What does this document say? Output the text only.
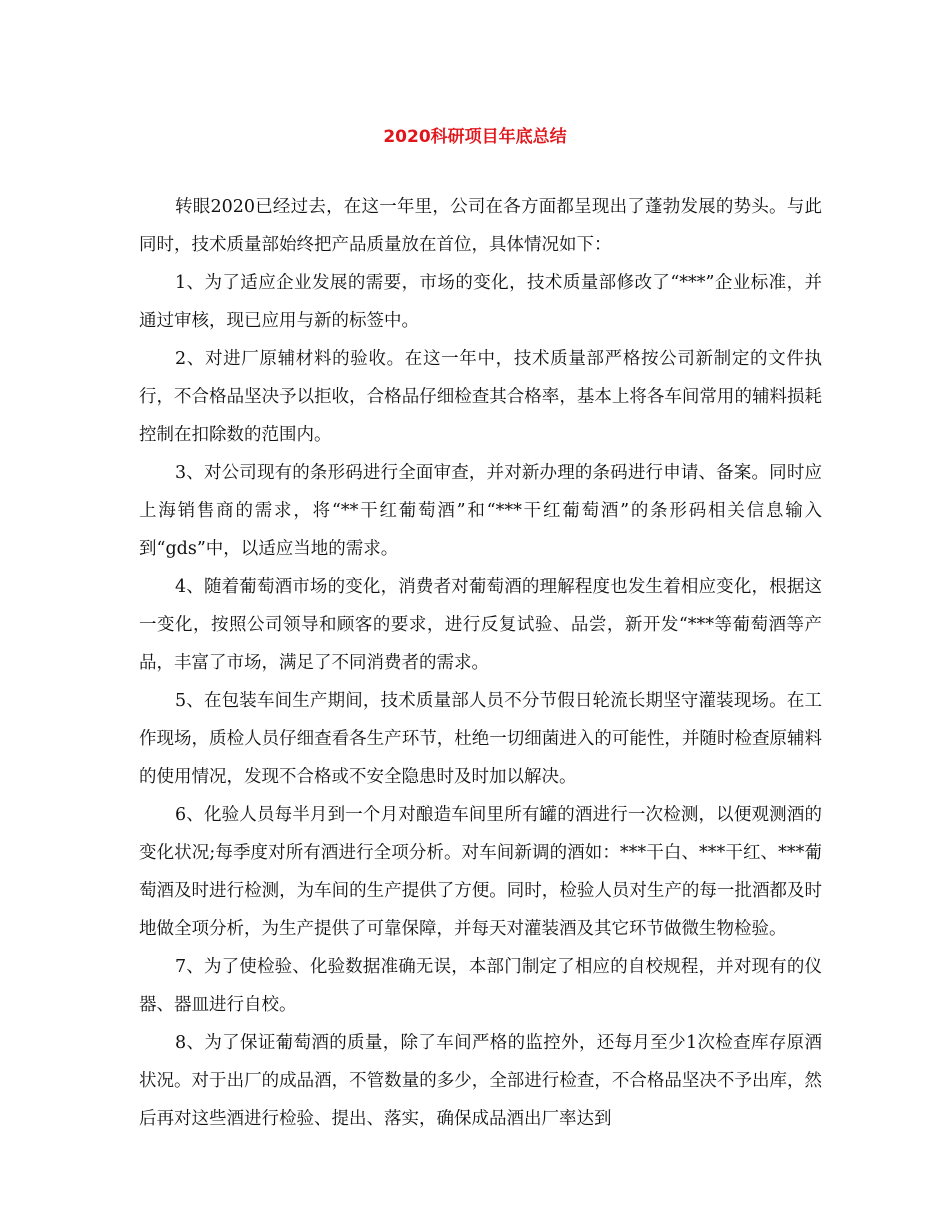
2020科研项目年底总结

转眼2020已经过去，在这一年里，公司在各方面都呈现出了蓬勃发展的势头。与此同时，技术质量部始终把产品质量放在首位，具体情况如下：

1、为了适应企业发展的需要，市场的变化，技术质量部修改了“***”企业标准，并通过审核，现已应用与新的标签中。

2、对进厂原辅材料的验收。在这一年中，技术质量部严格按公司新制定的文件执行，不合格品坚决予以拒收，合格品仔细检查其合格率，基本上将各车间常用的辅料损耗控制在扣除数的范围内。

3、对公司现有的条形码进行全面审查，并对新办理的条码进行申请、备案。同时应上海销售商的需求，将“**干红葡萄酒”和“***干红葡萄酒”的条形码相关信息输入到“gds”中，以适应当地的需求。

4、随着葡萄酒市场的变化，消费者对葡萄酒的理解程度也发生着相应变化，根据这一变化，按照公司领导和顾客的要求，进行反复试验、品尝，新开发“***等葡萄酒等产品，丰富了市场，满足了不同消费者的需求。

5、在包装车间生产期间，技术质量部人员不分节假日轮流长期坚守灌装现场。在工作现场，质检人员仔细查看各生产环节，杜绝一切细菌进入的可能性，并随时检查原辅料的使用情况，发现不合格或不安全隐患时及时加以解决。

6、化验人员每半月到一个月对酿造车间里所有罐的酒进行一次检测，以便观测酒的变化状况;每季度对所有酒进行全项分析。对车间新调的酒如：***干白、***干红、***葡萄酒及时进行检测，为车间的生产提供了方便。同时，检验人员对生产的每一批酒都及时地做全项分析，为生产提供了可靠保障，并每天对灌装酒及其它环节做微生物检验。

7、为了使检验、化验数据准确无误，本部门制定了相应的自校规程，并对现有的仪器、器皿进行自校。

8、为了保证葡萄酒的质量，除了车间严格的监控外，还每月至少1次检查库存原酒状况。对于出厂的成品酒，不管数量的多少，全部进行检查，不合格品坚决不予出库，然后再对这些酒进行检验、提出、落实，确保成品酒出厂率达到
